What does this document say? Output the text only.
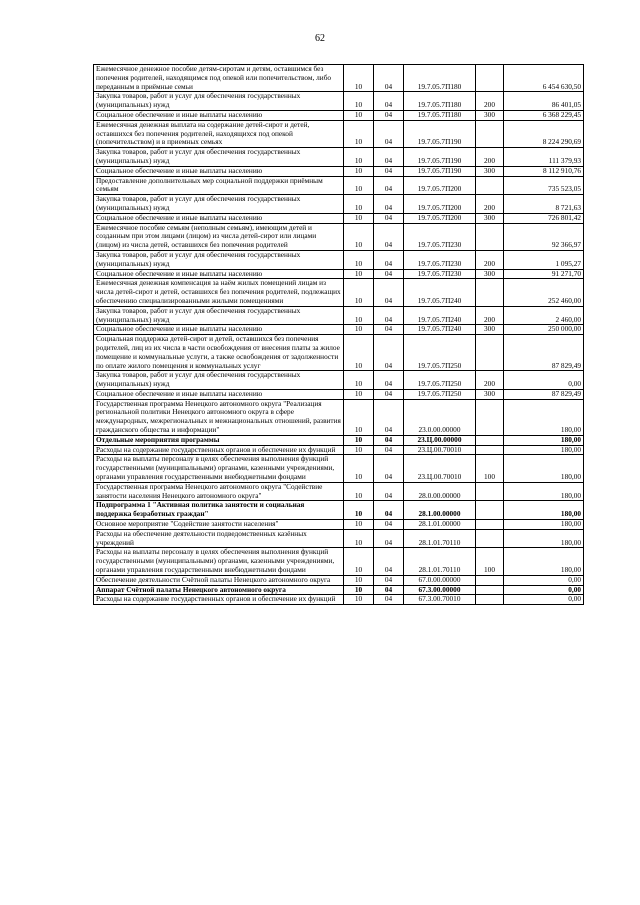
62
Ежемесячное денежное пособие детям-сиротам и детям, оставшимся без попечения родителей, находящимся под опекой или попечительством, либо переданным в приёмные семьи	10	04	19.7.05.7П180		6 454 630,50
Закупка товаров, работ и услуг для обеспечения государственных (муниципальных) нужд	10	04	19.7.05.7П180	200	86 401,05
Социальное обеспечение и иные выплаты населению	10	04	19.7.05.7П180	300	6 368 229,45
Ежемесячная денежная выплата на содержание детей-сирот и детей, оставшихся без попечения родителей, находящихся под опекой (попечительством) и в приемных семьях	10	04	19.7.05.7П190		8 224 290,69
Закупка товаров, работ и услуг для обеспечения государственных (муниципальных) нужд	10	04	19.7.05.7П190	200	111 379,93
Социальное обеспечение и иные выплаты населению	10	04	19.7.05.7П190	300	8 112 910,76
Предоставление дополнительных мер социальной поддержки приёмным семьям	10	04	19.7.05.7П200		735 523,05
Закупка товаров, работ и услуг для обеспечения государственных (муниципальных) нужд	10	04	19.7.05.7П200	200	8 721,63
Социальное обеспечение и иные выплаты населению	10	04	19.7.05.7П200	300	726 801,42
Ежемесячное пособие семьям (неполным семьям), имеющим детей и созданным при этом лицами (лицом) из числа детей-сирот или лицами (лицом) из числа детей, оставшихся без попечения родителей	10	04	19.7.05.7П230		92 366,97
Закупка товаров, работ и услуг для обеспечения государственных (муниципальных) нужд	10	04	19.7.05.7П230	200	1 095,27
Социальное обеспечение и иные выплаты населению	10	04	19.7.05.7П230	300	91 271,70
Ежемесячная денежная компенсация за наём жилых помещений лицам из числа детей-сирот и детей, оставшихся без попечения родителей, подлежащих обеспечению специализированными жилыми помещениями	10	04	19.7.05.7П240		252 460,00
Закупка товаров, работ и услуг для обеспечения государственных (муниципальных) нужд	10	04	19.7.05.7П240	200	2 460,00
Социальное обеспечение и иные выплаты населению	10	04	19.7.05.7П240	300	250 000,00
Социальная поддержка детей-сирот и детей, оставшихся без попечения родителей, лиц из их числа в части освобождения от внесения платы за жилое помещение и коммунальные услуги, а также освобождения от задолженности по оплате жилого помещения и коммунальных услуг	10	04	19.7.05.7П250		87 829,49
Закупка товаров, работ и услуг для обеспечения государственных (муниципальных) нужд	10	04	19.7.05.7П250	200	0,00
Социальное обеспечение и иные выплаты населению	10	04	19.7.05.7П250	300	87 829,49
Государственная программа Ненецкого автономного округа "Реализация региональной политики Ненецкого автономного округа в сфере международных, межрегиональных и межнациональных отношений, развития гражданского общества и информации"	10	04	23.0.00.00000		180,00
Отдельные мероприятия программы	10	04	23.Ц.00.00000		180,00
Расходы на содержание государственных органов и обеспечение их функций	10	04	23.Ц.00.70010		180,00
Расходы на выплаты персоналу в целях обеспечения выполнения функций государственными (муниципальными) органами, казенными учреждениями, органами управления государственными внебюджетными фондами	10	04	23.Ц.00.70010	100	180,00
Государственная программа Ненецкого автономного округа "Содействие занятости населения Ненецкого автономного округа"	10	04	28.0.00.00000		180,00
Подпрограмма 1 "Активная политика занятости и социальная поддержка безработных граждан"	10	04	28.1.00.00000		180,00
Основное мероприятие "Содействие занятости населения"	10	04	28.1.01.00000		180,00
Расходы на обеспечение деятельности подведомственных казённых учреждений	10	04	28.1.01.70110		180,00
Расходы на выплаты персоналу в целях обеспечения выполнения функций государственными (муниципальными) органами, казенными учреждениями, органами управления государственными внебюджетными фондами	10	04	28.1.01.70110	100	180,00
Обеспечение деятельности Счётной палаты Ненецкого автономного округа	10	04	67.0.00.00000		0,00
Аппарат Счётной палаты Ненецкого автономного округа	10	04	67.3.00.00000		0,00
Расходы на содержание государственных органов и обеспечение их функций	10	04	67.3.00.70010		0,00
